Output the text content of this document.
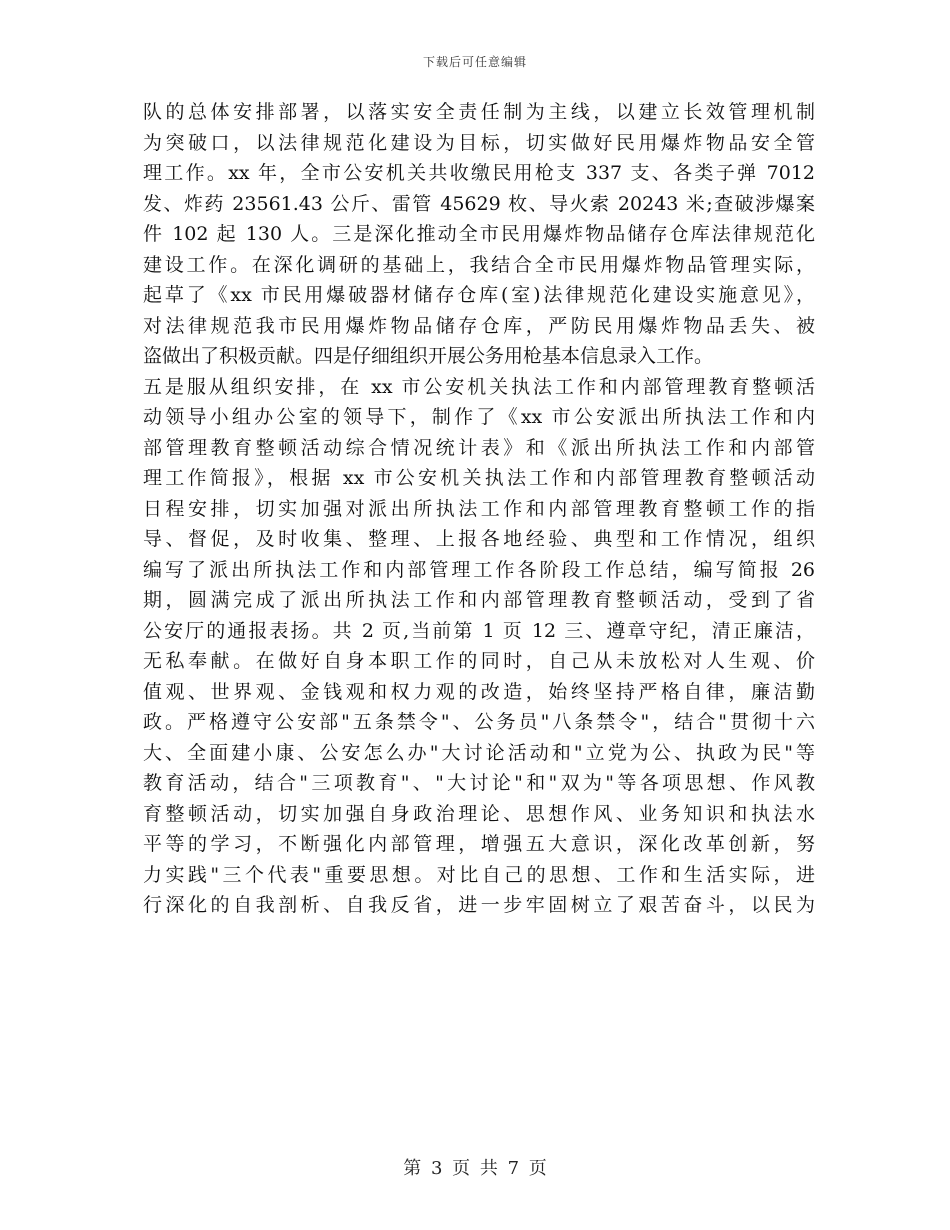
下载后可任意编辑
队的总体安排部署，以落实安全责任制为主线，以建立长效管理机制
为突破口，以法律规范化建设为目标，切实做好民用爆炸物品安全管
理工作。xx 年，全市公安机关共收缴民用枪支 337 支、各类子弹 7012
发、炸药 23561.43 公斤、雷管 45629 枚、导火索 20243 米;查破涉爆案
件 102 起 130 人。三是深化推动全市民用爆炸物品储存仓库法律规范化
建设工作。在深化调研的基础上，我结合全市民用爆炸物品管理实际，
起草了《xx 市民用爆破器材储存仓库(室)法律规范化建设实施意见》，
对法律规范我市民用爆炸物品储存仓库，严防民用爆炸物品丢失、被
盗做出了积极贡献。四是仔细组织开展公务用枪基本信息录入工作。
五是服从组织安排，在 xx 市公安机关执法工作和内部管理教育整顿活
动领导小组办公室的领导下，制作了《xx 市公安派出所执法工作和内
部管理教育整顿活动综合情况统计表》和《派出所执法工作和内部管
理工作简报》，根据 xx 市公安机关执法工作和内部管理教育整顿活动
日程安排，切实加强对派出所执法工作和内部管理教育整顿工作的指
导、督促，及时收集、整理、上报各地经验、典型和工作情况，组织
编写了派出所执法工作和内部管理工作各阶段工作总结，编写简报 26
期，圆满完成了派出所执法工作和内部管理教育整顿活动，受到了省
公安厅的通报表扬。共 2 页,当前第 1 页 12 三、遵章守纪，清正廉洁，
无私奉献。在做好自身本职工作的同时，自己从未放松对人生观、价
值观、世界观、金钱观和权力观的改造，始终坚持严格自律，廉洁勤
政。严格遵守公安部"五条禁令"、公务员"八条禁令"，结合"贯彻十六
大、全面建小康、公安怎么办"大讨论活动和"立党为公、执政为民"等
教育活动，结合"三项教育"、"大讨论"和"双为"等各项思想、作风教
育整顿活动，切实加强自身政治理论、思想作风、业务知识和执法水
平等的学习，不断强化内部管理，增强五大意识，深化改革创新，努
力实践"三个代表"重要思想。对比自己的思想、工作和生活实际，进
行深化的自我剖析、自我反省，进一步牢固树立了艰苦奋斗，以民为
第 3 页 共 7 页
